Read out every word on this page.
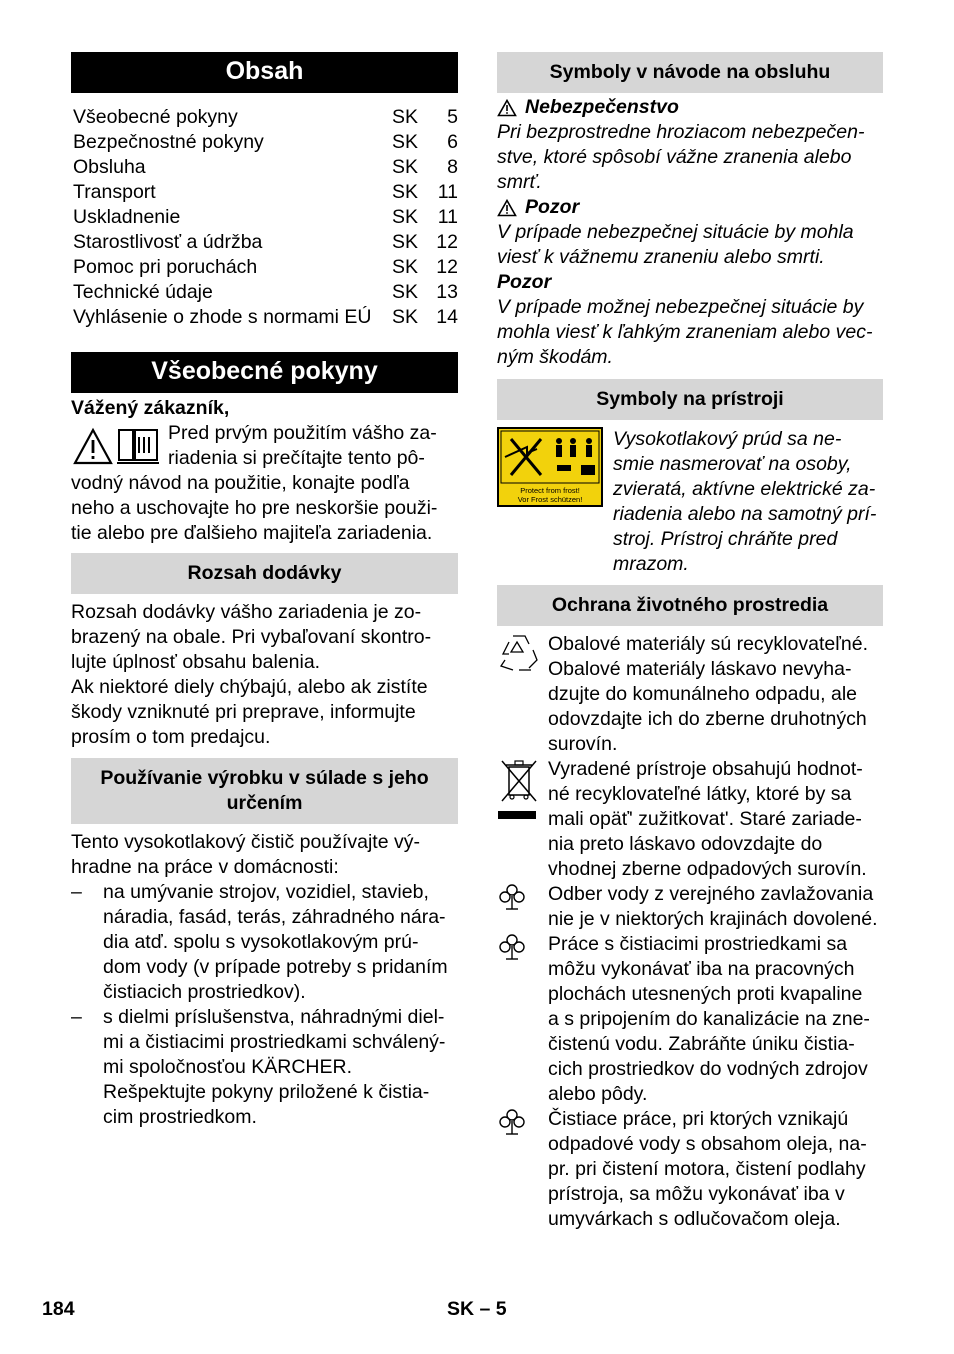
Obsah
Všeobecné pokyny	SK	5
Bezpečnostné pokyny	SK	6
Obsluha	SK	8
Transport	SK	11
Uskladnenie	SK	11
Starostlivosť a údržba	SK 12
Pomoc pri poruchách	SK 12
Technické údaje	SK 13
Vyhlásenie o zhode s normami EÚ	SK 14
Všeobecné pokyny
Vážený zákazník,
Pred prvým použitím vášho za-
riadenia si prečítajte tento pô-
vodný návod na použitie, konajte podľa
neho a uschovajte ho pre neskoršie použi-
tie alebo pre ďalšieho majiteľa zariadenia.
Rozsah dodávky
Rozsah dodávky vášho zariadenia je zo-
brazený na obale. Pri vybaľovaní skontro-
lujte úplnosť obsahu balenia.
Ak niektoré diely chýbajú, alebo ak zistíte
škody vzniknuté pri preprave, informujte
prosím o tom predajcu.
Používanie výrobku v súlade s jeho určením
Tento vysokotlakový čistič používajte vý-
hradne na práce v domácnosti:
–	na umývanie strojov, vozidiel, stavieb,
náradia, fasád, terás, záhradného nára-
dia atď. spolu s vysokotlakovým prú-
dom vody (v prípade potreby s pridaním
čistiacich prostriedkov).
–	s dielmi príslušenstva, náhradnými diel-
mi a čistiacimi prostriedkami schválený-
mi spoločnosťou KÄRCHER.
Rešpektujte pokyny priložené k čistia-
cim prostriedkom.
Symboly v návode na obsluhu
Nebezpečenstvo
Pri bezprostredne hroziacom nebezpečen-
stve, ktoré spôsobí vážne zranenia alebo
smrť.
Pozor
V prípade nebezpečnej situácie by mohla
viesť k vážnemu zraneniu alebo smrti.
Pozor
V prípade možnej nebezpečnej situácie by
mohla viesť k ľahkým zraneniam alebo vec-
ným škodám.
Symboly na prístroji
Protect from frost!
Vor Frost schützen!
Vysokotlakový prúd sa ne-
smie nasmerovať na osoby,
zvieratá, aktívne elektrické za-
riadenia alebo na samotný prí-
stroj. Prístroj chráňte pred
mrazom.
Ochrana životného prostredia
Obalové materiály sú recyklovateľné.
Obalové materiály láskavo nevyha-
dzujte do komunálneho odpadu, ale
odovzdajte ich do zberne druhotných
surovín.
Vyradené prístroje obsahujú hodnot-
né recyklovateľné látky, ktoré by sa
mali opäť' zužitkovat'. Staré zariade-
nia preto láskavo odovzdajte do
vhodnej zberne odpadových surovín.
Odber vody z verejného zavlažovania
nie je v niektorých krajinách dovolené.
Práce s čistiacimi prostriedkami sa
môžu vykonávať iba na pracovných
plochách utesnených proti kvapaline
a s pripojením do kanalizácie na zne-
čistenú vodu. Zabráňte úniku čistia-
cich prostriedkov do vodných zdrojov
alebo pôdy.
Čistiace práce, pri ktorých vznikajú
odpadové vody s obsahom oleja, na-
pr. pri čistení motora, čistení podlahy
prístroja, sa môžu vykonávať iba v
umyvárkach s odlučovačom oleja.
184	SK – 5
